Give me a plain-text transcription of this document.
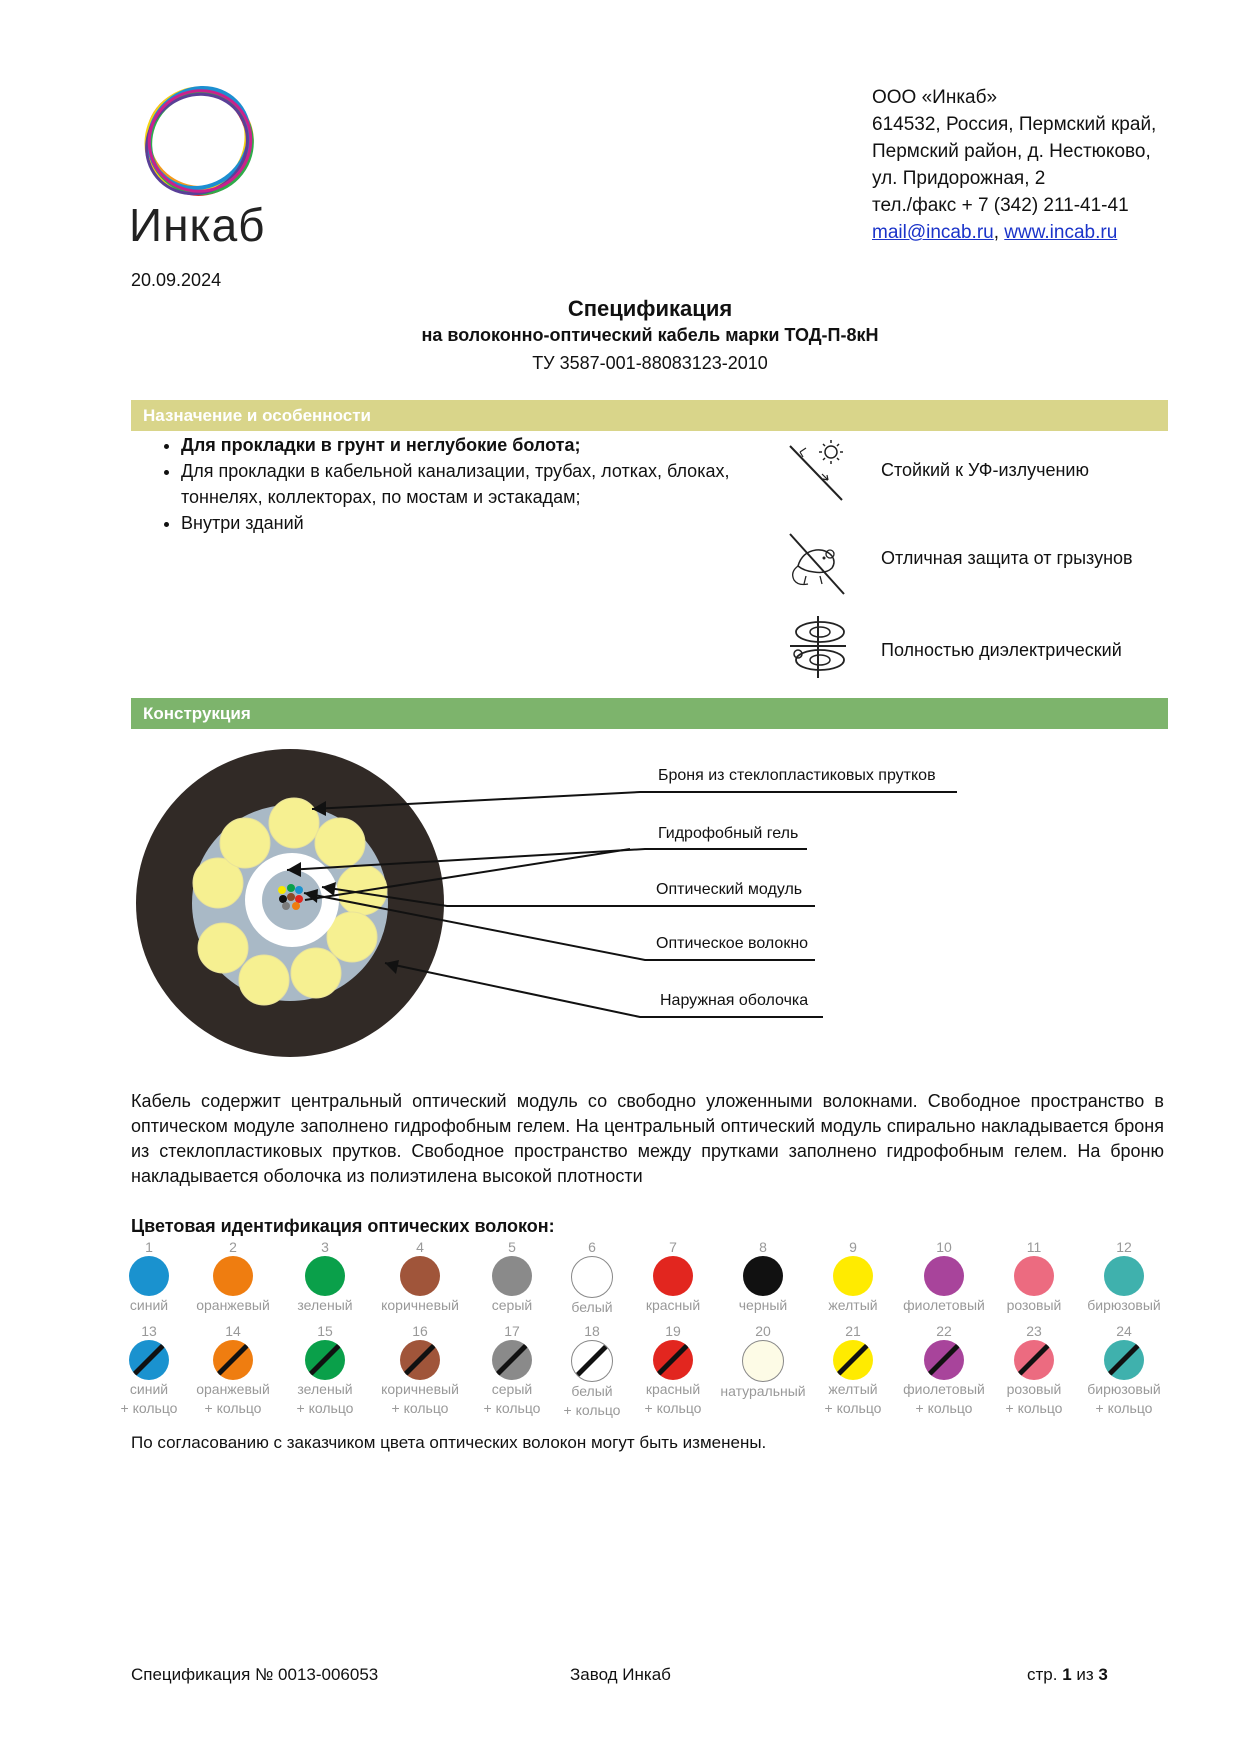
Инкаб
ООО «Инкаб»
614532, Россия, Пермский край,
Пермский район, д. Нестюково,
ул. Придорожная, 2
тел./факс + 7 (342) 211-41-41
mail@incab.ru, www.incab.ru
20.09.2024
Спецификация
на волоконно-оптический кабель марки ТОД-П-8кН
ТУ 3587-001-88083123-2010
Назначение и особенности
• Для прокладки в грунт и неглубокие болота;
• Для прокладки в кабельной канализации, трубах, лотках, блоках, тоннелях, коллекторах, по мостам и эстакадам;
• Внутри зданий
Стойкий к УФ-излучению
Отличная защита от грызунов
Полностью диэлектрический
Конструкция
Броня из стеклопластиковых прутков
Гидрофобный гель
Оптический модуль
Оптическое волокно
Наружная оболочка
Кабель содержит центральный оптический модуль со свободно уложенными волокнами. Свободное пространство в оптическом модуле заполнено гидрофобным гелем. На центральный оптический модуль спирально накладывается броня из стеклопластиковых прутков. Свободное пространство между прутками заполнено гидрофобным гелем. На броню накладывается оболочка из полиэтилена высокой плотности
Цветовая идентификация оптических волокон:
1
синий
2
оранжевый
3
зеленый
4
коричневый
5
серый
6
белый
7
красный
8
черный
9
желтый
10
фиолетовый
11
розовый
12
бирюзовый
13
синий
+ кольцо
14
оранжевый
+ кольцо
15
зеленый
+ кольцо
16
коричневый
+ кольцо
17
серый
+ кольцо
18
белый
+ кольцо
19
красный
+ кольцо
20
натуральный
21
желтый
+ кольцо
22
фиолетовый
+ кольцо
23
розовый
+ кольцо
24
бирюзовый
+ кольцо
По согласованию с заказчиком цвета оптических волокон могут быть изменены.
Спецификация № 0013-006053	Завод Инкаб	стр. 1 из 3
